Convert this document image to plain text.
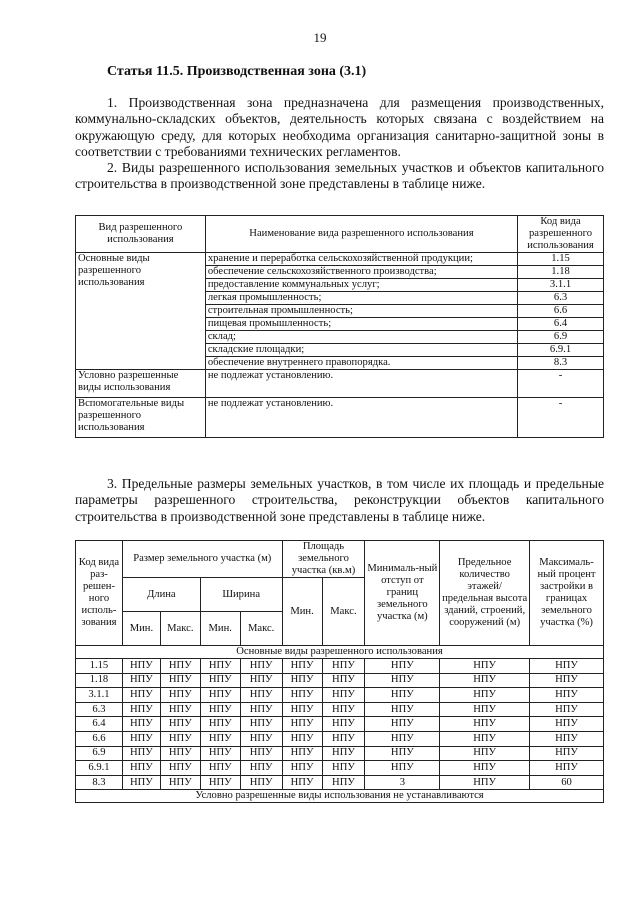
19
Статья 11.5. Производственная зона (3.1)
1. Производственная зона предназначена для размещения производственных, коммунально-складских объектов, деятельность которых связана с воздействием на окружающую среду, для которых необходима организация санитарно-защитной зоны в соответствии с требованиями технических регламентов.
2. Виды разрешенного использования земельных участков и объектов капитального строительства в производственной зоне представлены в таблице ниже.
Вид разрешенного использования	Наименование вида разрешенного использования	Код вида разрешенного использования
Основные виды разрешенного использования	хранение и переработка сельскохозяйственной продукции;	1.15
	обеспечение сельскохозяйственного производства;	1.18
	предоставление коммунальных услуг;	3.1.1
	легкая промышленность;	6.3
	строительная промышленность;	6.6
	пищевая промышленность;	6.4
	склад;	6.9
	складские площадки;	6.9.1
	обеспечение внутреннего правопорядка.	8.3
Условно разрешенные виды использования	не подлежат установлению.	-
Вспомогательные виды разрешенного использования	не подлежат установлению.	-
3. Предельные размеры земельных участков, в том числе их площадь и предельные параметры разрешенного строительства, реконструкции объектов капитального строительства в производственной зоне представлены в таблице ниже.
Код вида раз-решен-ного исполь-зования	Размер земельного участка (м)				Площадь земельного участка (кв.м)		Минималь-ный отступ от границ земельного участка (м)	Предельное количество этажей/ предельная высота зданий, строений, сооружений (м)	Максималь-ный процент застройки в границах земельного участка (%)
	Длина		Ширина		Мин.	Макс.			
	Мин.	Макс.	Мин.	Макс.					
Основные виды разрешенного использования									
1.15	НПУ	НПУ	НПУ	НПУ	НПУ	НПУ	НПУ	НПУ	НПУ
1.18	НПУ	НПУ	НПУ	НПУ	НПУ	НПУ	НПУ	НПУ	НПУ
3.1.1	НПУ	НПУ	НПУ	НПУ	НПУ	НПУ	НПУ	НПУ	НПУ
6.3	НПУ	НПУ	НПУ	НПУ	НПУ	НПУ	НПУ	НПУ	НПУ
6.4	НПУ	НПУ	НПУ	НПУ	НПУ	НПУ	НПУ	НПУ	НПУ
6.6	НПУ	НПУ	НПУ	НПУ	НПУ	НПУ	НПУ	НПУ	НПУ
6.9	НПУ	НПУ	НПУ	НПУ	НПУ	НПУ	НПУ	НПУ	НПУ
6.9.1	НПУ	НПУ	НПУ	НПУ	НПУ	НПУ	НПУ	НПУ	НПУ
8.3	НПУ	НПУ	НПУ	НПУ	НПУ	НПУ	3	НПУ	60
Условно разрешенные виды использования не устанавливаются									
